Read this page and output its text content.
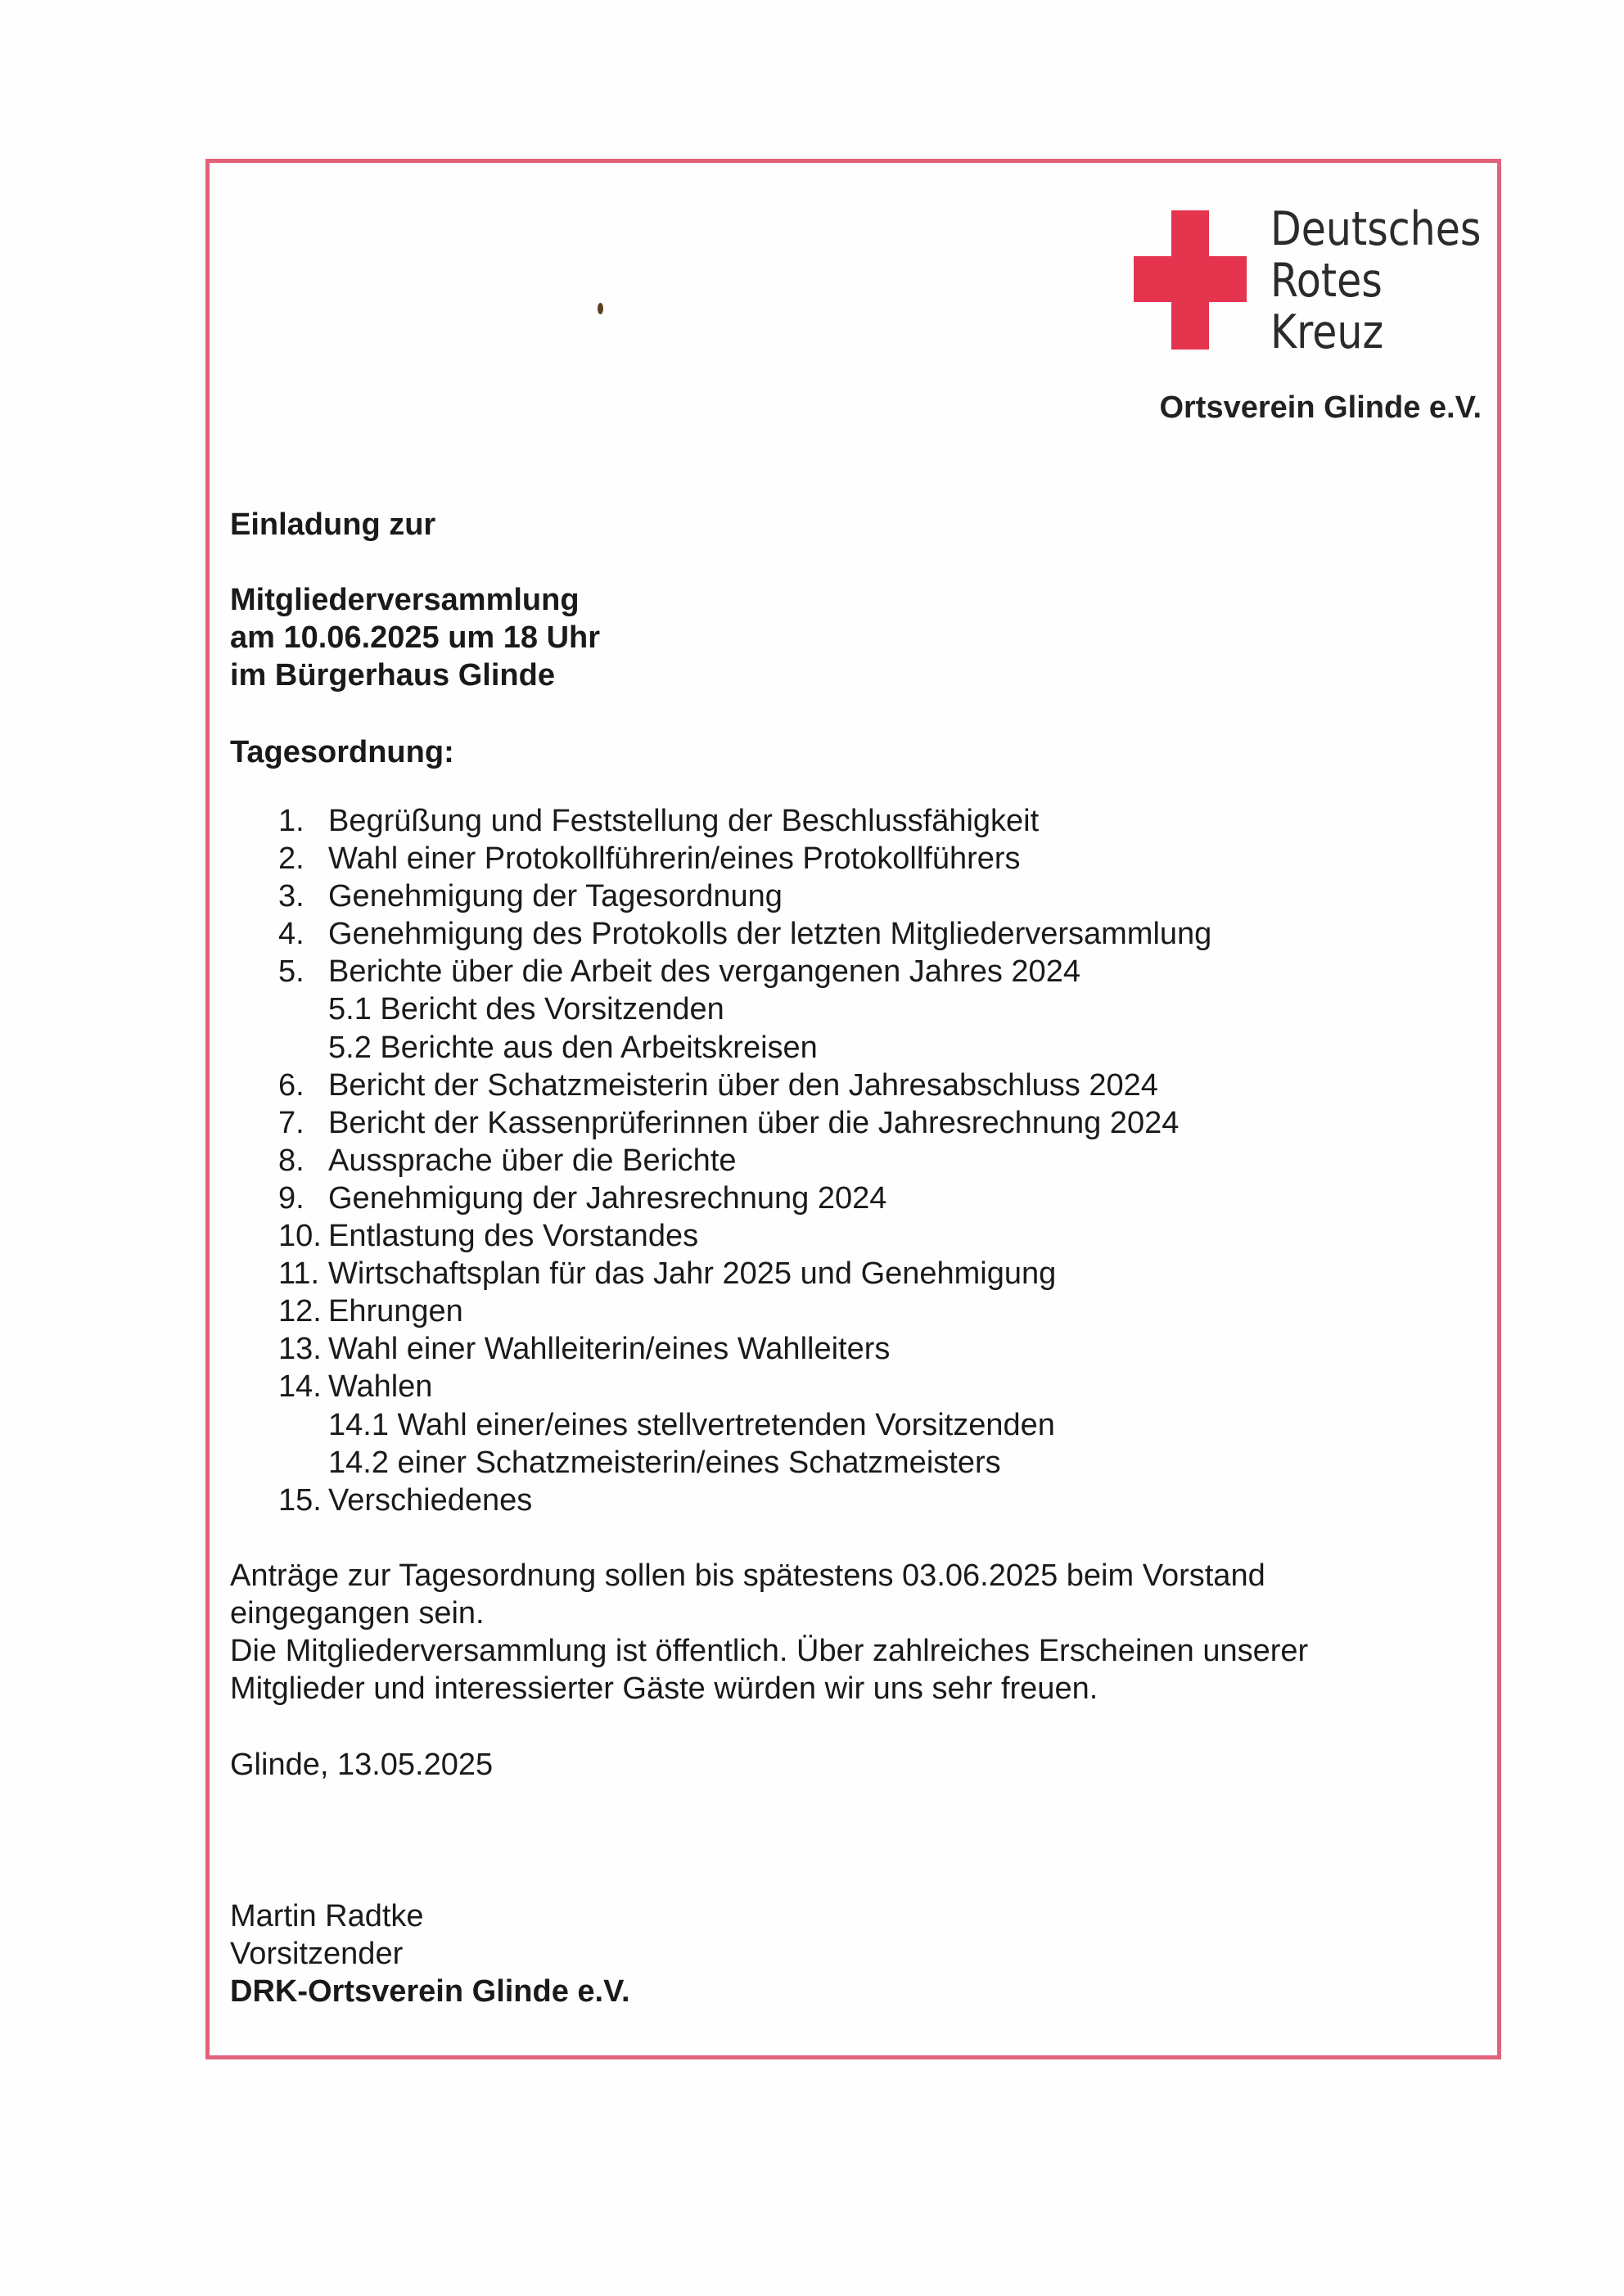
Deutsches
Rotes
Kreuz
Ortsverein Glinde e.V.
Einladung zur
Mitgliederversammlung
am 10.06.2025 um 18 Uhr
im Bürgerhaus Glinde
Tagesordnung:
1. Begrüßung und Feststellung der Beschlussfähigkeit
2. Wahl einer Protokollführerin/eines Protokollführers
3. Genehmigung der Tagesordnung
4. Genehmigung des Protokolls der letzten Mitgliederversammlung
5. Berichte über die Arbeit des vergangenen Jahres 2024
5.1 Bericht des Vorsitzenden
5.2 Berichte aus den Arbeitskreisen
6. Bericht der Schatzmeisterin über den Jahresabschluss 2024
7. Bericht der Kassenprüferinnen über die Jahresrechnung 2024
8. Aussprache über die Berichte
9. Genehmigung der Jahresrechnung 2024
10. Entlastung des Vorstandes
11. Wirtschaftsplan für das Jahr 2025 und Genehmigung
12. Ehrungen
13. Wahl einer Wahlleiterin/eines Wahlleiters
14. Wahlen
14.1 Wahl einer/eines stellvertretenden Vorsitzenden
14.2 einer Schatzmeisterin/eines Schatzmeisters
15. Verschiedenes
Anträge zur Tagesordnung sollen bis spätestens 03.06.2025 beim Vorstand
eingegangen sein.
Die Mitgliederversammlung ist öffentlich. Über zahlreiches Erscheinen unserer
Mitglieder und interessierter Gäste würden wir uns sehr freuen.
Glinde, 13.05.2025
Martin Radtke
Vorsitzender
DRK-Ortsverein Glinde e.V.
